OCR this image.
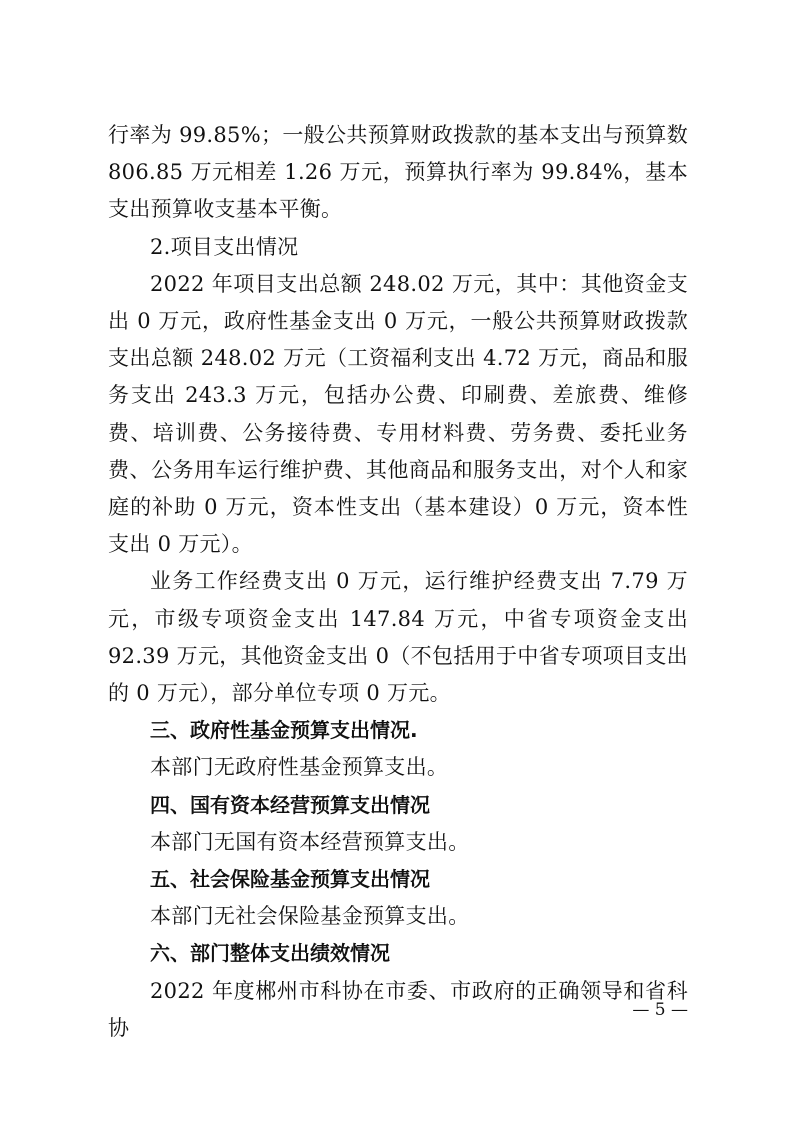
行率为 99.85%；一般公共预算财政拨款的基本支出与预算数 806.85 万元相差 1.26 万元，预算执行率为 99.84%，基本支出预算收支基本平衡。

2.项目支出情况

2022 年项目支出总额 248.02 万元，其中：其他资金支出 0 万元，政府性基金支出 0 万元，一般公共预算财政拨款支出总额 248.02 万元（工资福利支出 4.72 万元，商品和服务支出 243.3 万元，包括办公费、印刷费、差旅费、维修费、培训费、公务接待费、专用材料费、劳务费、委托业务费、公务用车运行维护费、其他商品和服务支出，对个人和家庭的补助 0 万元，资本性支出（基本建设）0 万元，资本性支出 0 万元）。

业务工作经费支出 0 万元，运行维护经费支出 7.79 万元，市级专项资金支出 147.84 万元，中省专项资金支出 92.39 万元，其他资金支出 0（不包括用于中省专项项目支出的 0 万元），部分单位专项 0 万元。

三、政府性基金预算支出情况.

本部门无政府性基金预算支出。

四、国有资本经营预算支出情况

本部门无国有资本经营预算支出。

五、社会保险基金预算支出情况

本部门无社会保险基金预算支出。

六、部门整体支出绩效情况

2022 年度郴州市科协在市委、市政府的正确领导和省科协

— 5 —
